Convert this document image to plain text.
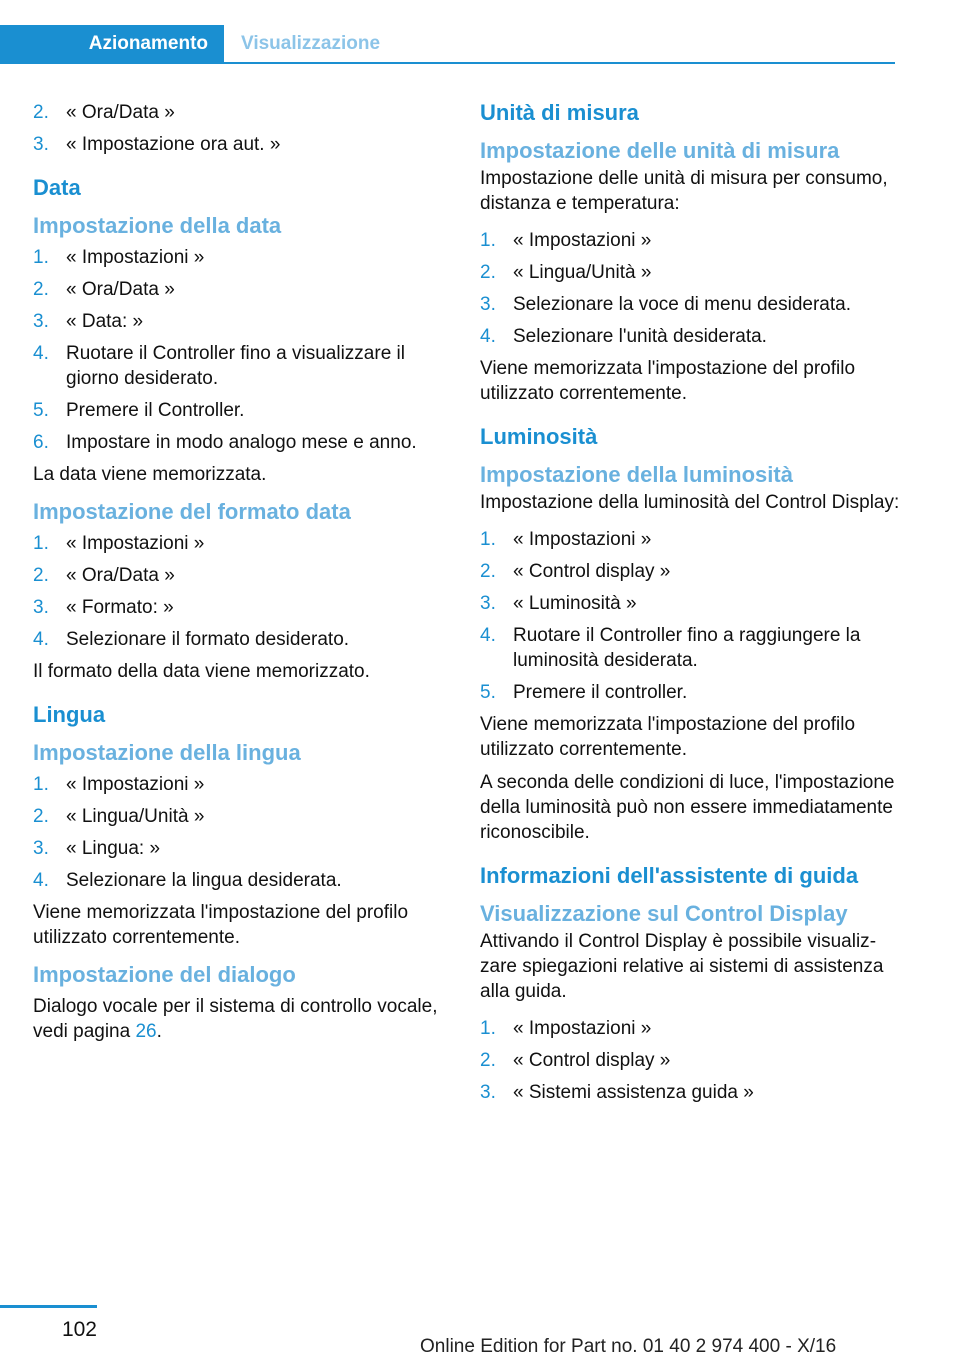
Azionamento	Visualizzazione
2. « Ora/Data »
3. « Impostazione ora aut. »
Data
Impostazione della data
1. « Impostazioni »
2. « Ora/Data »
3. « Data: »
4. Ruotare il Controller fino a visualizzare il giorno desiderato.
5. Premere il Controller.
6. Impostare in modo analogo mese e anno.

La data viene memorizzata.

Impostazione del formato data
1. « Impostazioni »
2. « Ora/Data »
3. « Formato: »
4. Selezionare il formato desiderato.

Il formato della data viene memorizzato.

Lingua
Impostazione della lingua
1. « Impostazioni »
2. « Lingua/Unità »
3. « Lingua: »
4. Selezionare la lingua desiderata.

Viene memorizzata l'impostazione del profilo utilizzato correntemente.

Impostazione del dialogo

Dialogo vocale per il sistema di controllo vocale, vedi pagina 26.

Unità di misura
Impostazione delle unità di misura

Impostazione delle unità di misura per consumo, distanza e temperatura:

1. « Impostazioni »
2. « Lingua/Unità »
3. Selezionare la voce di menu desiderata.
4. Selezionare l'unità desiderata.

Viene memorizzata l'impostazione del profilo utilizzato correntemente.

Luminosità
Impostazione della luminosità

Impostazione della luminosità del Control Display:

1. « Impostazioni »
2. « Control display »
3. « Luminosità »
4. Ruotare il Controller fino a raggiungere la luminosità desiderata.
5. Premere il controller.

Viene memorizzata l'impostazione del profilo utilizzato correntemente.

A seconda delle condizioni di luce, l'impostazione della luminosità può non essere immediatamente riconoscibile.

Informazioni dell'assistente di guida
Visualizzazione sul Control Display

Attivando il Control Display è possibile visualizzare spiegazioni relative ai sistemi di assistenza alla guida.

1. « Impostazioni »
2. « Control display »
3. « Sistemi assistenza guida »
102
Online Edition for Part no. 01 40 2 974 400 - X/16
